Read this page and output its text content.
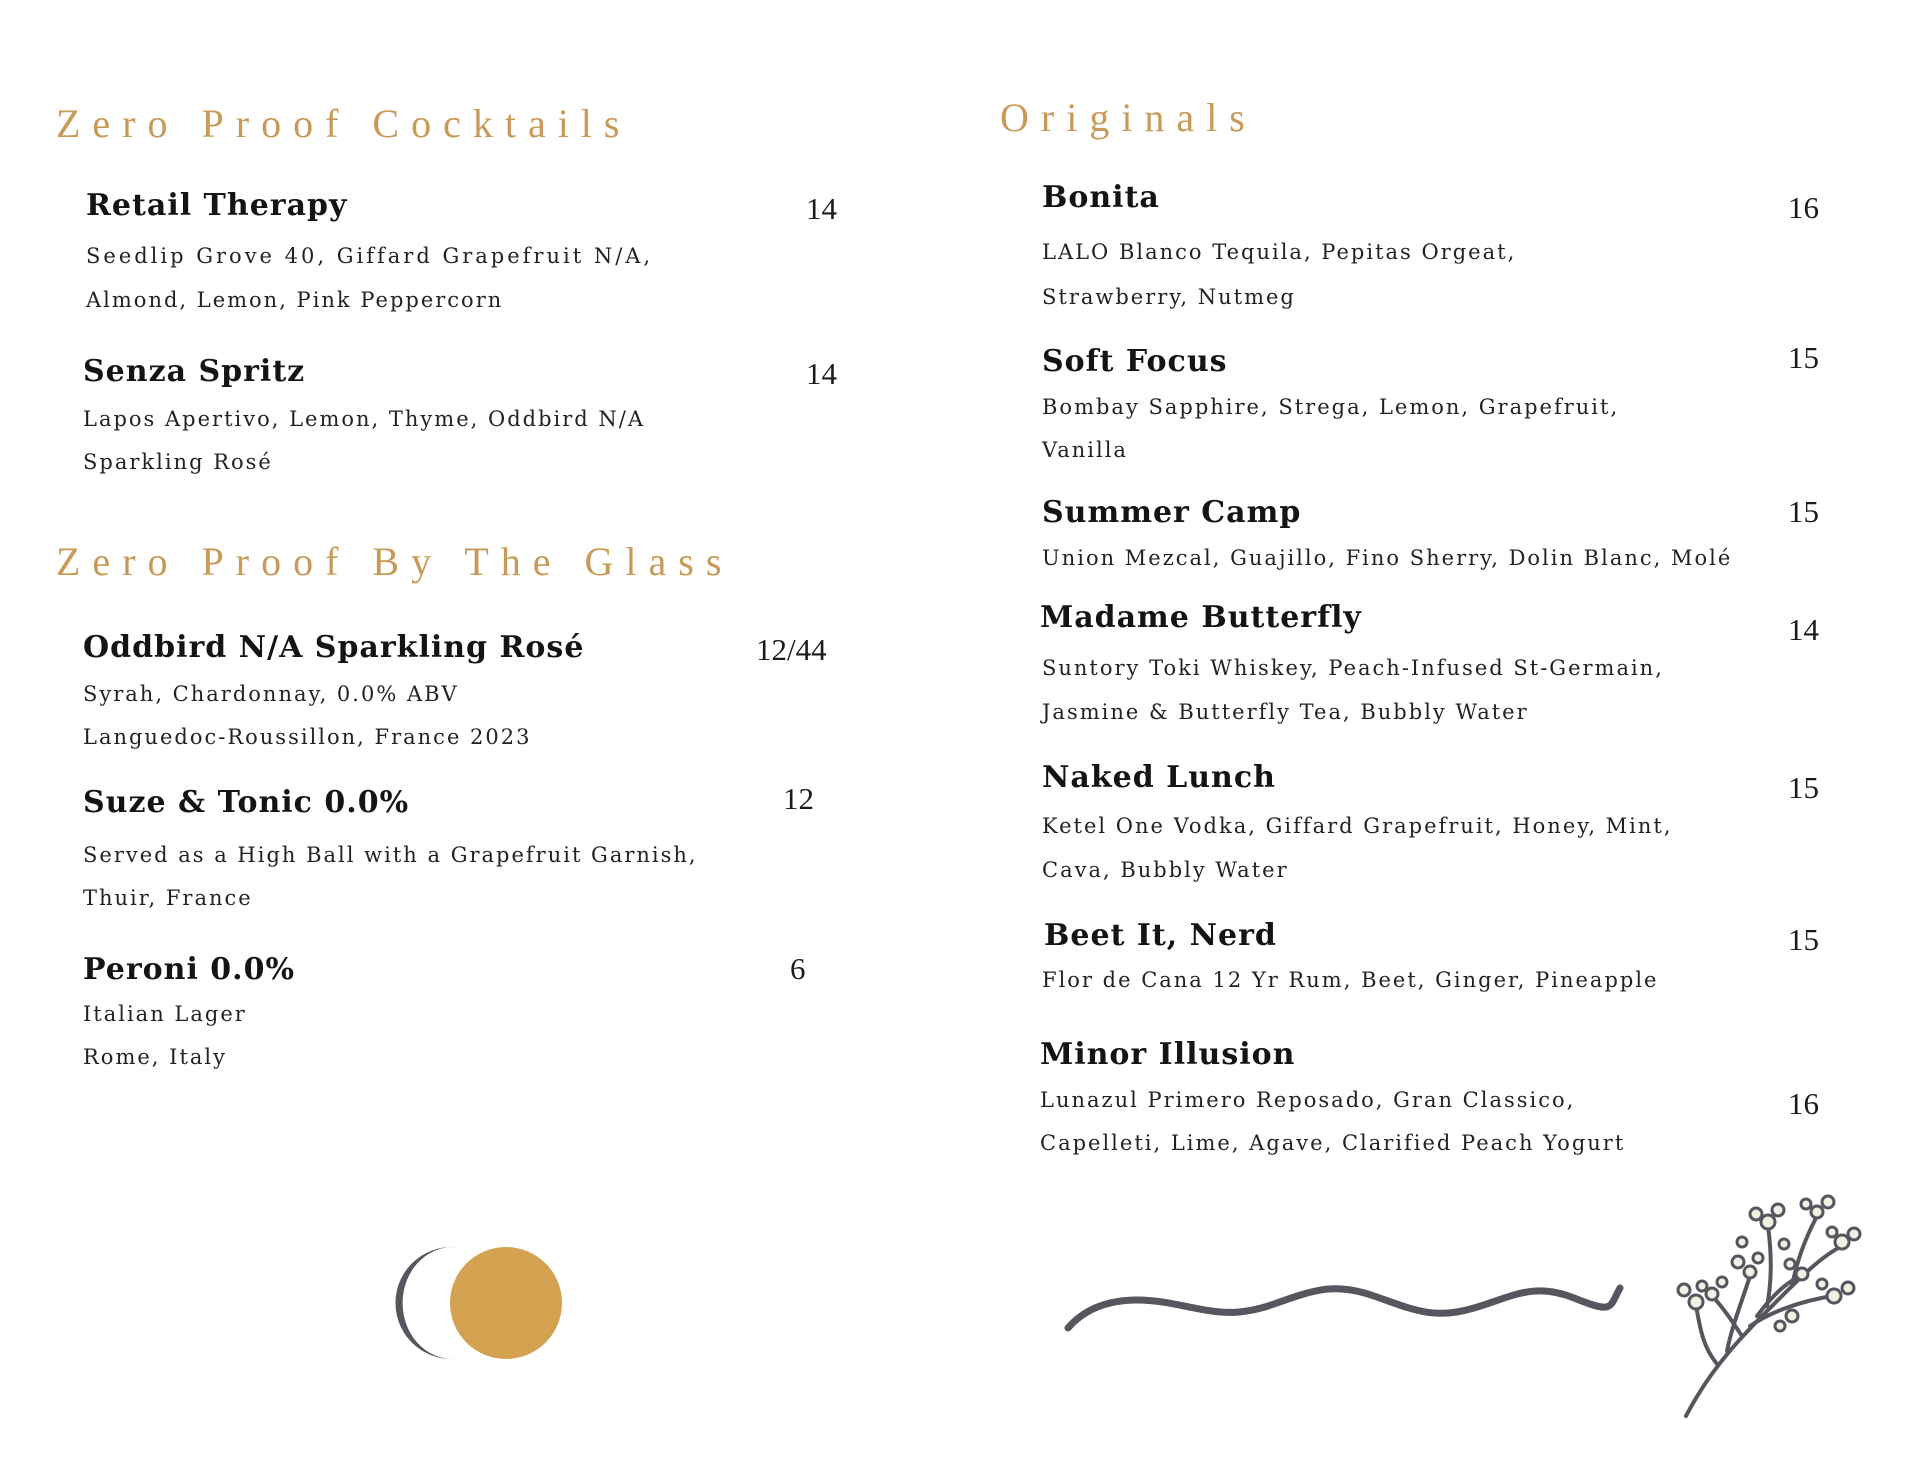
Zero Proof Cocktails
Retail Therapy	14
Seedlip Grove 40, Giffard Grapefruit N/A,
Almond, Lemon, Pink Peppercorn
Senza Spritz	14
Lapos Apertivo, Lemon, Thyme, Oddbird N/A
Sparkling Rosé
Zero Proof By The Glass
Oddbird N/A Sparkling Rosé	12/44
Syrah, Chardonnay, 0.0% ABV
Languedoc-Roussillon, France 2023
Suze & Tonic 0.0%	12
Served as a High Ball with a Grapefruit Garnish,
Thuir, France
Peroni 0.0%	6
Italian Lager
Rome, Italy
Originals
Bonita	16
LALO Blanco Tequila, Pepitas Orgeat,
Strawberry, Nutmeg
Soft Focus	15
Bombay Sapphire, Strega, Lemon, Grapefruit,
Vanilla
Summer Camp	15
Union Mezcal, Guajillo, Fino Sherry, Dolin Blanc, Molé
Madame Butterfly	14
Suntory Toki Whiskey, Peach-Infused St-Germain,
Jasmine & Butterfly Tea, Bubbly Water
Naked Lunch	15
Ketel One Vodka, Giffard Grapefruit, Honey, Mint,
Cava, Bubbly Water
Beet It, Nerd	15
Flor de Cana 12 Yr Rum, Beet, Ginger, Pineapple
Minor Illusion
16
Lunazul Primero Reposado, Gran Classico,
Capelleti, Lime, Agave, Clarified Peach Yogurt
